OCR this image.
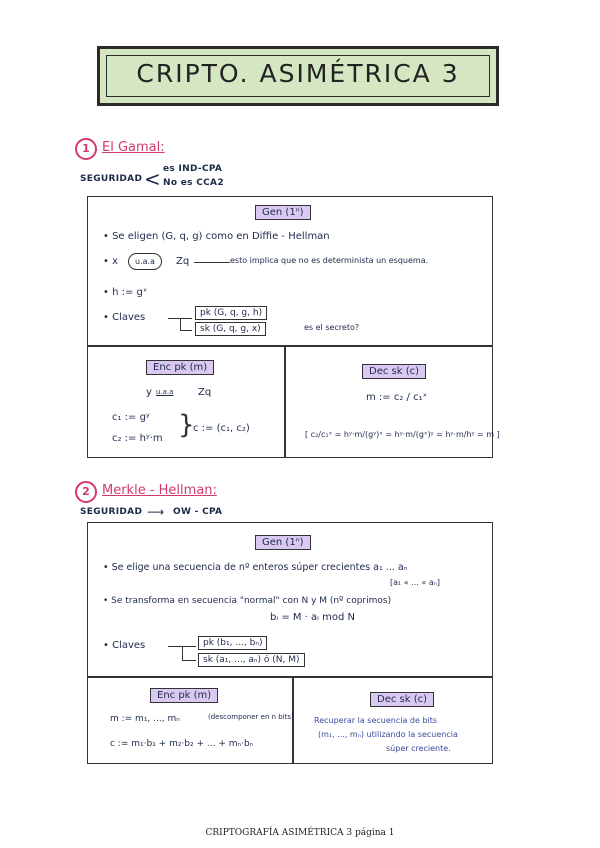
CRIPTO. ASIMÉTRICA 3
1 El Gamal:
SEGURIDAD < es IND-CPA
No es CCA2
Gen (1ⁿ)
• Se eligen (G, q, g) como en Diffie - Hellman
• x	u.a.a	Zq	esto implica que no es determinista un esquema.
• h := gˣ
• Claves	pk (G, q, g, h)
sk (G, q, g, x)	es el secreto?
Enc pk (m)
y u.a.a Zq
c₁ := gʸ
c₂ := hʸ·m }
c := (c₁, c₂)
Dec sk (c)
m := c₂ / c₁ˣ
[ c₂/c₁ˣ = hʸ·m/(gʸ)ˣ = hʸ·m/(gˣ)ʸ = hʸ·m/hʸ = m ]
2 Merkle - Hellman:
SEGURIDAD ⟶ OW - CPA
Gen (1ⁿ)
• Se elige una secuencia de nº enteros súper crecientes a₁ ... aₙ
[a₁ « ... « aₙ]
• Se transforma en secuencia "normal" con N y M (nº coprimos)
bᵢ = M · aᵢ mod N
• Claves	pk (b₁, ..., bₙ)
sk (a₁, ..., aₙ) ó (N, M)
Enc pk (m)
m := m₁, ..., mₙ	(descomponer en n bits)
c := m₁·b₁ + m₂·b₂ + ... + mₙ·bₙ
Dec sk (c)
Recuperar la secuencia de bits
(m₁, ..., mₙ) utilizando la secuencia
súper creciente.
CRIPTOGRAFÍA ASIMÉTRICA 3 página 1
